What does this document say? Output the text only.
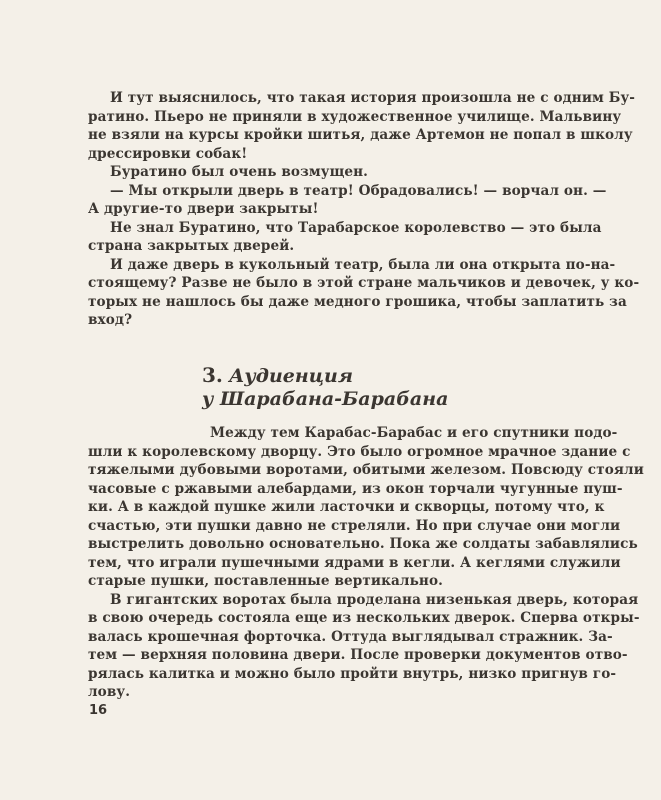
И тут выяснилось, что такая история произошла не с одним Бу-
ратино. Пьеро не приняли в художественное училище. Мальвину
не взяли на курсы кройки шитья, даже Артемон не попал в школу
дрессировки собак!
Буратино был очень возмущен.
— Мы открыли дверь в театр! Обрадовались! — ворчал он. —
А другие-то двери закрыты!
Не знал Буратино, что Тарабарское королевство — это была
страна закрытых дверей.
И даже дверь в кукольный театр, была ли она открыта по-на-
стоящему? Разве не было в этой стране мальчиков и девочек, у ко-
торых не нашлось бы даже медного грошика, чтобы заплатить за
вход?
3. Аудиенция
у Шарабана-Барабана
Между тем Карабас-Барабас и его спутники подо-
шли к королевскому дворцу. Это было огромное мрачное здание с
тяжелыми дубовыми воротами, обитыми железом. Повсюду стояли
часовые с ржавыми алебардами, из окон торчали чугунные пуш-
ки. А в каждой пушке жили ласточки и скворцы, потому что, к
счастью, эти пушки давно не стреляли. Но при случае они могли
выстрелить довольно основательно. Пока же солдаты забавлялись
тем, что играли пушечными ядрами в кегли. А кеглями служили
старые пушки, поставленные вертикально.
В гигантских воротах была проделана низенькая дверь, которая
в свою очередь состояла еще из нескольких дверок. Сперва откры-
валась крошечная форточка. Оттуда выглядывал стражник. За-
тем — верхняя половина двери. После проверки документов отво-
рялась калитка и можно было пройти внутрь, низко пригнув го-
лову.
16
